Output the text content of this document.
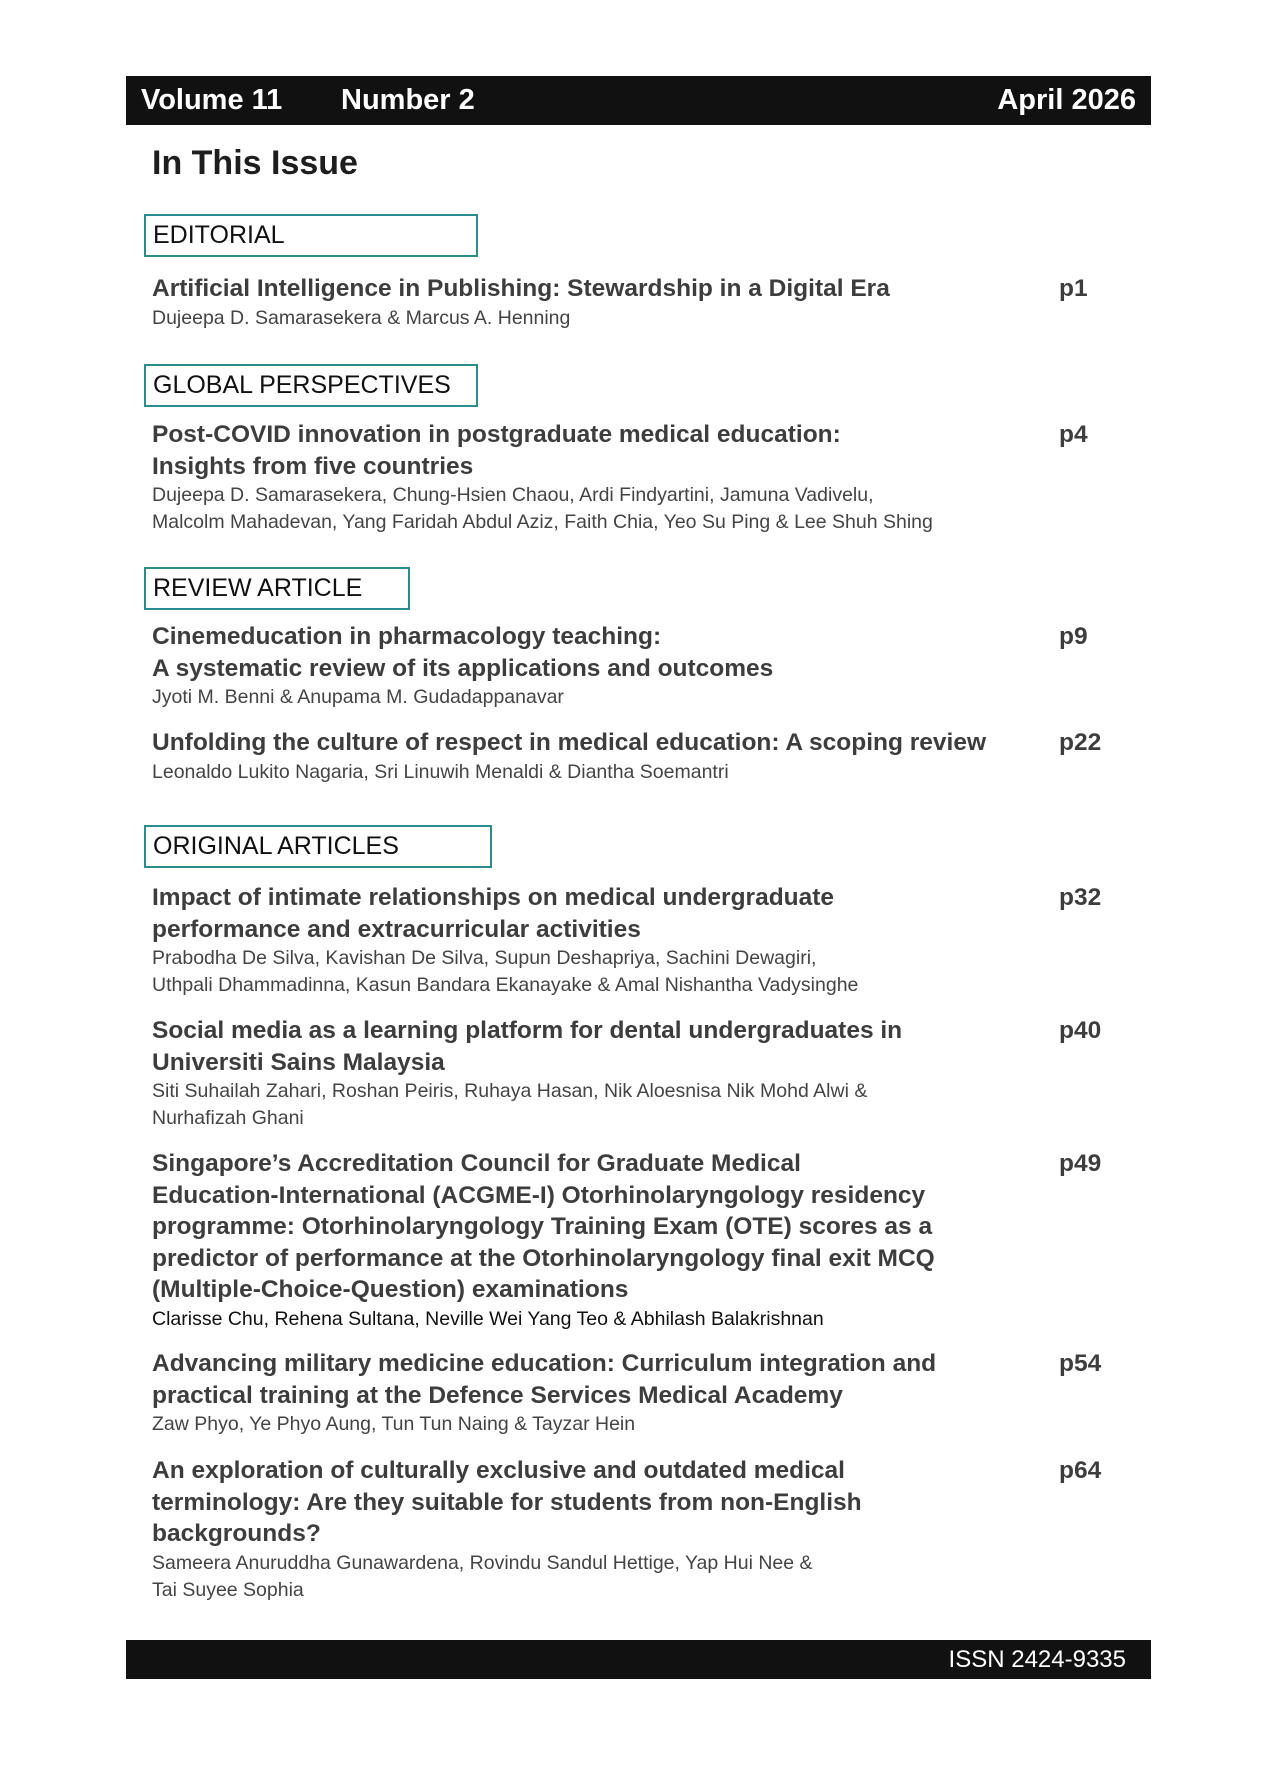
Volume 11 Number 2	April 2026
In This Issue
EDITORIAL

Artificial Intelligence in Publishing: Stewardship in a Digital Era

Dujeepa D. Samarasekera & Marcus A. Henning

p1
GLOBAL PERSPECTIVES

Post-COVID innovation in postgraduate medical education:
Insights from five countries

Dujeepa D. Samarasekera, Chung-Hsien Chaou, Ardi Findyartini, Jamuna Vadivelu,
Malcolm Mahadevan, Yang Faridah Abdul Aziz, Faith Chia, Yeo Su Ping & Lee Shuh Shing

p4
REVIEW ARTICLE

Cinemeducation in pharmacology teaching:
A systematic review of its applications and outcomes

Jyoti M. Benni & Anupama M. Gudadappanavar

p9

Unfolding the culture of respect in medical education: A scoping review

Leonaldo Lukito Nagaria, Sri Linuwih Menaldi & Diantha Soemantri

p22
ORIGINAL ARTICLES

Impact of intimate relationships on medical undergraduate
performance and extracurricular activities

Prabodha De Silva, Kavishan De Silva, Supun Deshapriya, Sachini Dewagiri,
Uthpali Dhammadinna, Kasun Bandara Ekanayake & Amal Nishantha Vadysinghe

p32

Social media as a learning platform for dental undergraduates in
Universiti Sains Malaysia

Siti Suhailah Zahari, Roshan Peiris, Ruhaya Hasan, Nik Aloesnisa Nik Mohd Alwi &
Nurhafizah Ghani

p40

Singapore’s Accreditation Council for Graduate Medical
Education-International (ACGME-I) Otorhinolaryngology residency
programme: Otorhinolaryngology Training Exam (OTE) scores as a
predictor of performance at the Otorhinolaryngology final exit MCQ
(Multiple-Choice-Question) examinations

Clarisse Chu, Rehena Sultana, Neville Wei Yang Teo & Abhilash Balakrishnan

p49

Advancing military medicine education: Curriculum integration and
practical training at the Defence Services Medical Academy

Zaw Phyo, Ye Phyo Aung, Tun Tun Naing & Tayzar Hein

p54

An exploration of culturally exclusive and outdated medical
terminology: Are they suitable for students from non-English
backgrounds?

Sameera Anuruddha Gunawardena, Rovindu Sandul Hettige, Yap Hui Nee &
Tai Suyee Sophia

p64
ISSN 2424-9335
